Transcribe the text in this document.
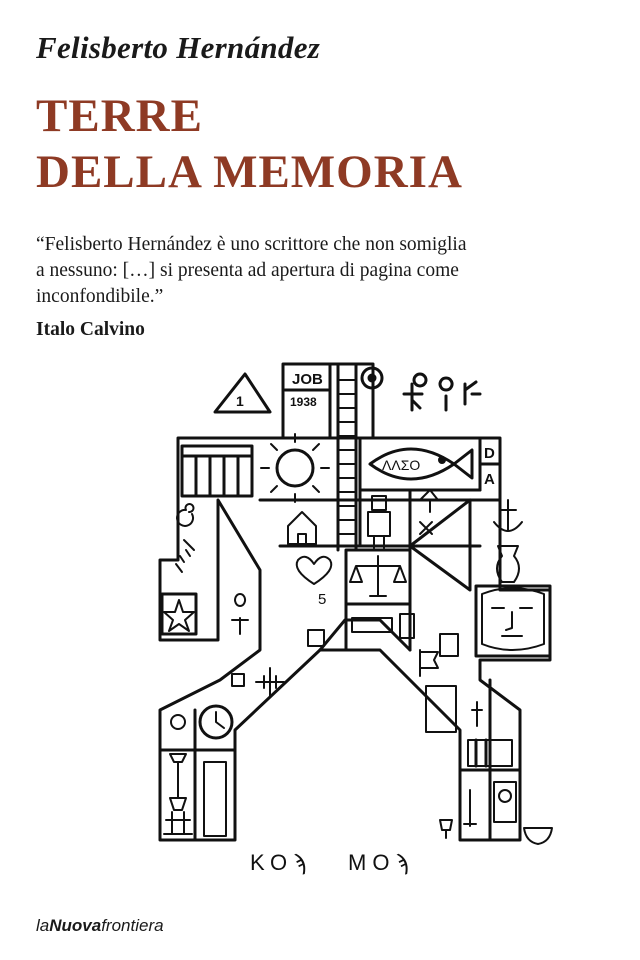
Felisberto Hernández
TERRE
DELLA MEMORIA
“Felisberto Hernández è uno scrittore che non somiglia
a nessuno: […] si presenta ad apertura di pagina come
inconfondibile.”
Italo Calvino
JOB
1938
1
ΛΛΣΟ
D
A
5
ΚΟϡ ΜΟϡ
laNuovafrontiera
